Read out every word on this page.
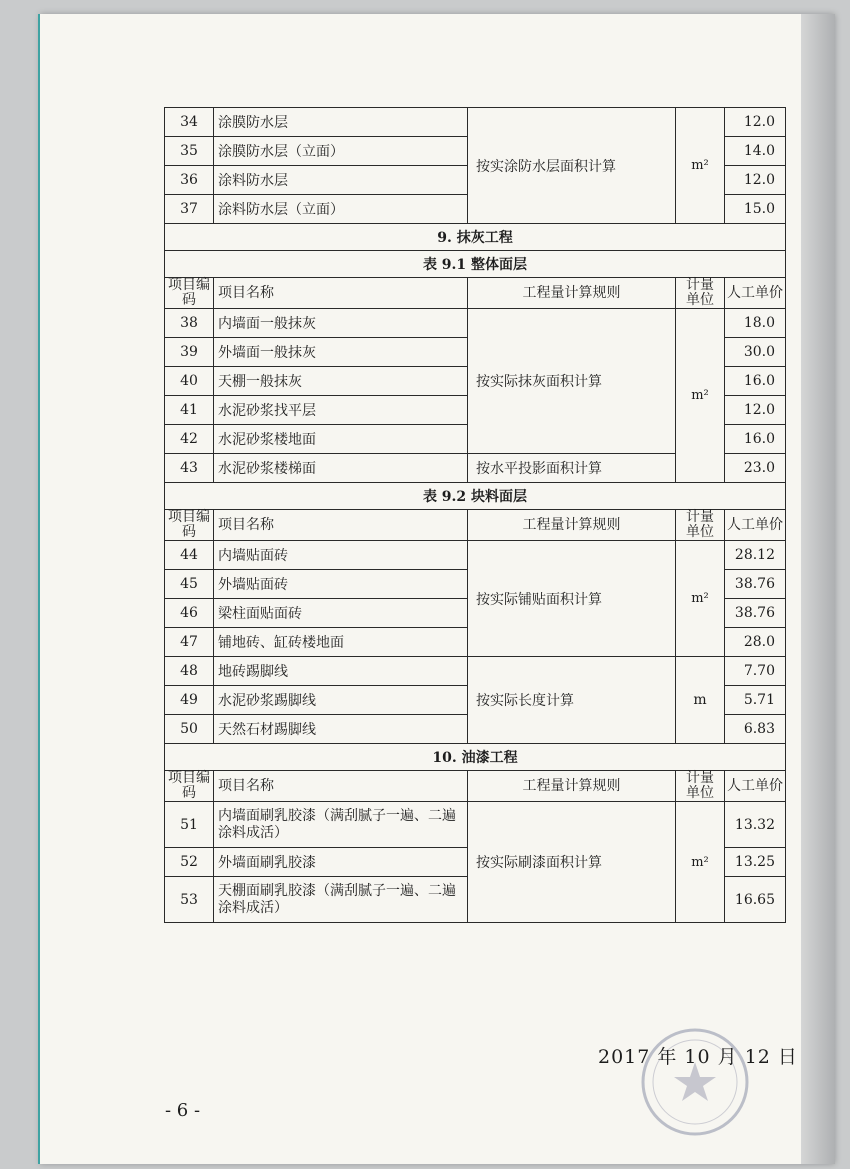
34	涂膜防水层	按实涂防水层面积计算	m²	12.0
35	涂膜防水层（立面）			14.0
36	涂料防水层			12.0
37	涂料防水层（立面）			15.0
9. 抹灰工程				
表 9.1 整体面层				
项目编码	项目名称	工程量计算规则	计量单位	人工单价
38	内墙面一般抹灰	按实际抹灰面积计算	m²	18.0
39	外墙面一般抹灰			30.0
40	天棚一般抹灰			16.0
41	水泥砂浆找平层			12.0
42	水泥砂浆楼地面			16.0
43	水泥砂浆楼梯面	按水平投影面积计算		23.0
表 9.2 块料面层				
项目编码	项目名称	工程量计算规则	计量单位	人工单价
44	内墙贴面砖	按实际铺贴面积计算	m²	28.12
45	外墙贴面砖			38.76
46	梁柱面贴面砖			38.76
47	铺地砖、缸砖楼地面			28.0
48	地砖踢脚线	按实际长度计算	m	7.70
49	水泥砂浆踢脚线			5.71
50	天然石材踢脚线			6.83
10. 油漆工程				
项目编码	项目名称	工程量计算规则	计量单位	人工单价
51	内墙面刷乳胶漆（满刮腻子一遍、二遍涂料成活）	按实际刷漆面积计算	m²	13.32
52	外墙面刷乳胶漆			13.25
53	天棚面刷乳胶漆（满刮腻子一遍、二遍涂料成活）			16.65
2017 年 10 月 12 日
- 6 -
